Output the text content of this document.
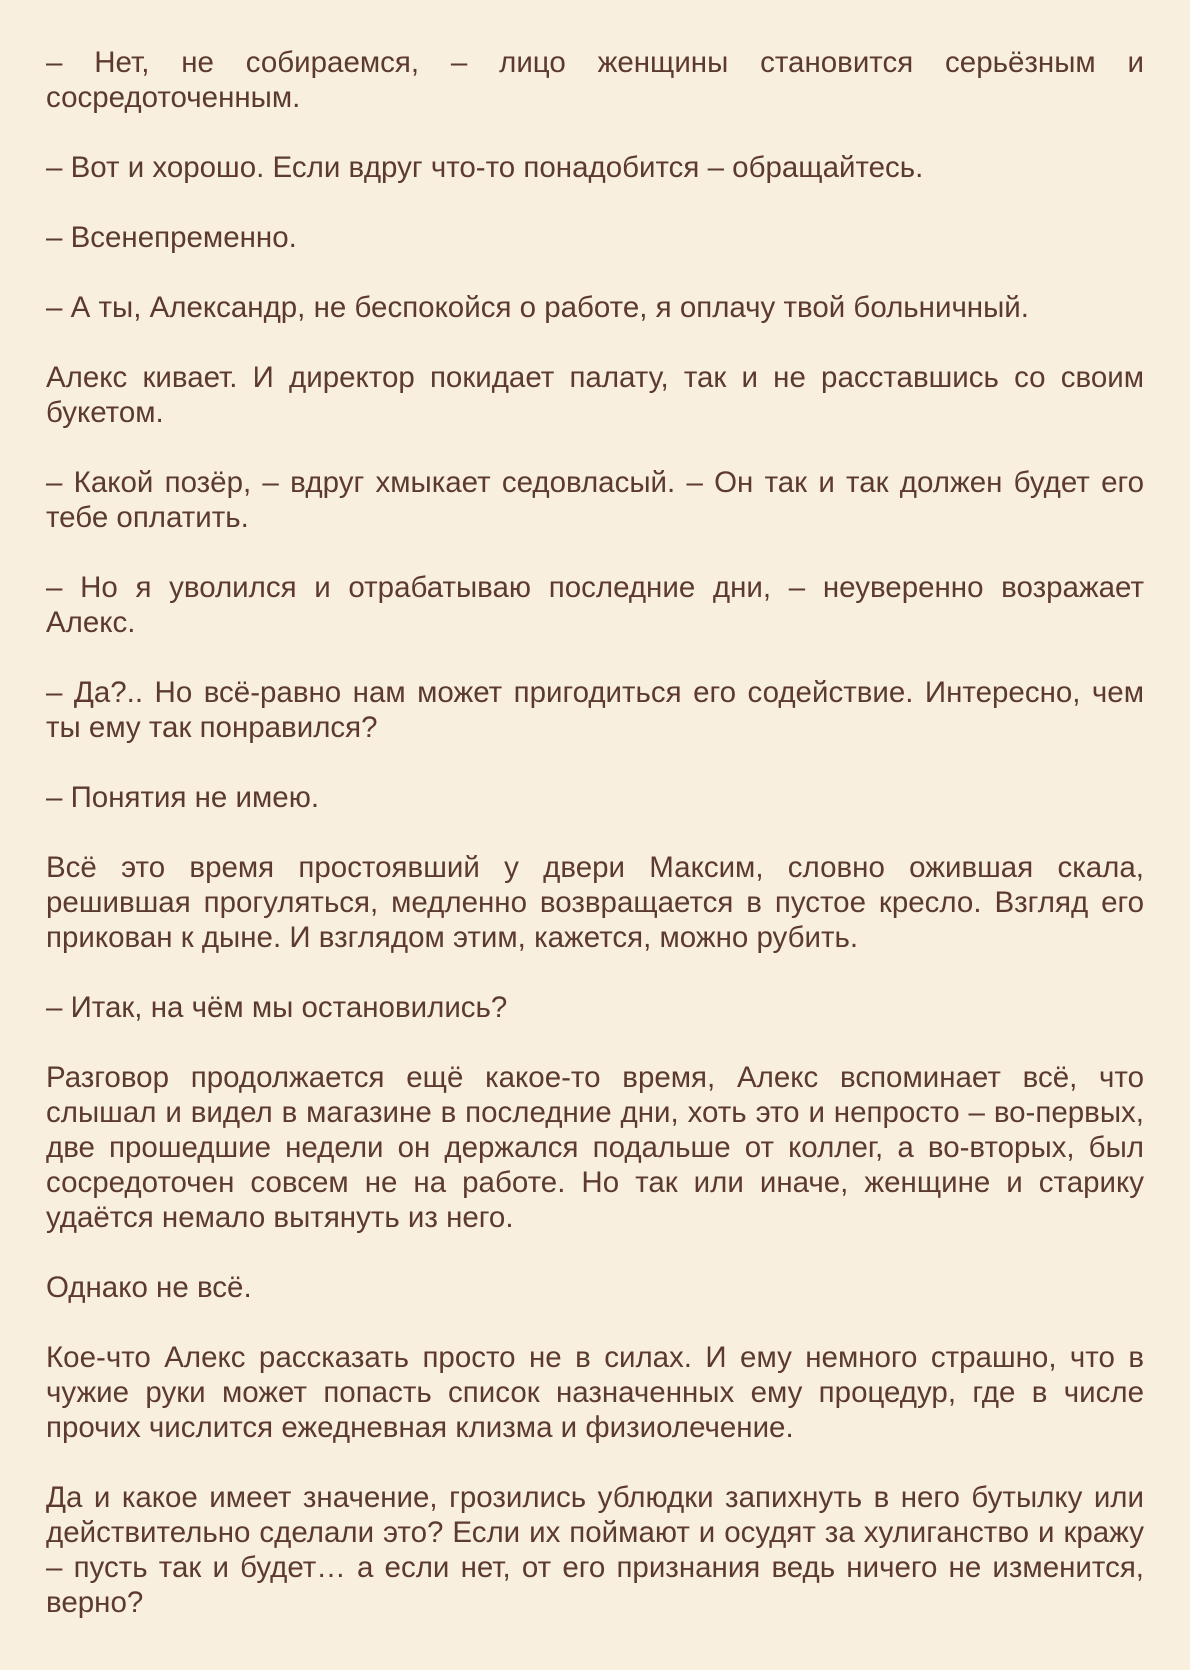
– Нет, не собираемся, – лицо женщины становится серьёзным и сосредоточенным.

– Вот и хорошо. Если вдруг что-то понадобится – обращайтесь.

– Всенепременно.

– А ты, Александр, не беспокойся о работе, я оплачу твой больничный.

Алекс кивает. И директор покидает палату, так и не расставшись со своим букетом.

– Какой позёр, – вдруг хмыкает седовласый. – Он так и так должен будет его тебе оплатить.

– Но я уволился и отрабатываю последние дни, – неуверенно возражает Алекс.

– Да?.. Но всё-равно нам может пригодиться его содействие. Интересно, чем ты ему так понравился?

– Понятия не имею.

Всё это время простоявший у двери Максим, словно ожившая скала, решившая прогуляться, медленно возвращается в пустое кресло. Взгляд его прикован к дыне. И взглядом этим, кажется, можно рубить.

– Итак, на чём мы остановились?

Разговор продолжается ещё какое-то время, Алекс вспоминает всё, что слышал и видел в магазине в последние дни, хоть это и непросто – во-первых, две прошедшие недели он держался подальше от коллег, а во-вторых, был сосредоточен совсем не на работе. Но так или иначе, женщине и старику удаётся немало вытянуть из него.

Однако не всё.

Кое-что Алекс рассказать просто не в силах. И ему немного страшно, что в чужие руки может попасть список назначенных ему процедур, где в числе прочих числится ежедневная клизма и физиолечение.

Да и какое имеет значение, грозились ублюдки запихнуть в него бутылку или действительно сделали это? Если их поймают и осудят за хулиганство и кражу – пусть так и будет… а если нет, от его признания ведь ничего не изменится, верно?
